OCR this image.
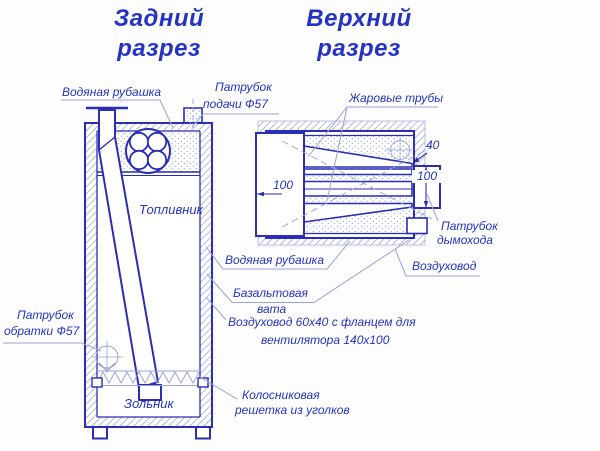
Задний
разрез
Верхний
разрез
Водяная рубашка	Патрубок
подачи Ф57
Топливник
Патрубок
обратки Ф57
Зольник
Колосниковая
решетка из уголков
Жаровые трубы
Водяная рубашка
Базальтовая
вата
Воздуховод 60х40 с фланцем для
вентилятора 140х100
Воздуховод
Патрубок
дымохода
100
100
40
